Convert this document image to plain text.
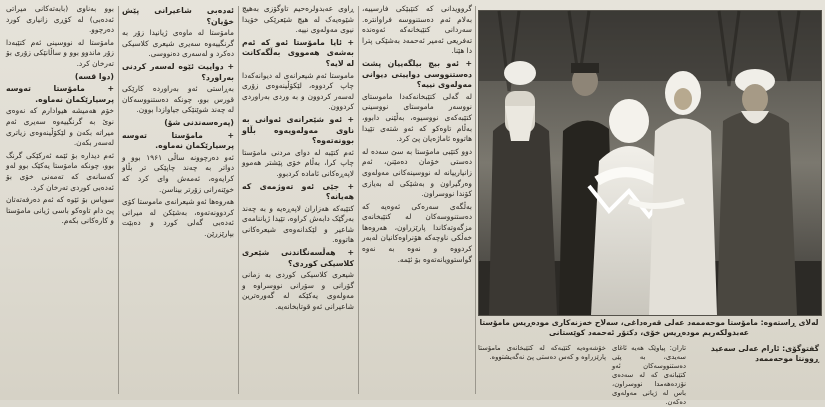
بوو بەناوی (بابەتەکانی میراتی ئەدەبی) لە کۆڕی زانیاری کورد دەرچوو.

مامۆستا لە نووسینی ئەم کتێبەدا زۆر ماندوو بوو و ساڵانێکی زۆری بۆ تەرخان کرد.

(دوا قسە)

+ مامۆستا تەوسە پرسیارێکمان نەماوە.

خۆم هەمیشە هیوادارم کە نەوەی نوێ بە گرنگییەوە سەیری ئەم میراتە بکەن و لێکۆڵینەوەی زیاتری لەسەر بکەن.

ئەم دیدارە بۆ ئێمە ئەرکێکی گرنگ بوو، چونکە مامۆستا یەکێک بوو لەو کەسانەی کە تەمەنی خۆی بۆ ئەدەبی کوردی تەرخان کرد.

سوپاس بۆ ئێوە کە ئەم دەرفەتەتان پێ دام تاوەکو باسی ژیانی مامۆستا و کارەکانی بکەم.

ئەدەبی شاعیرانی پێش خۆیان؟

مامۆستا لە ماوەی ژیانیدا زۆر بە گرنگییەوە سەیری شیعری کلاسیکی دەکرد و لەسەری دەنووسی.

+ دواییت ئێوە لەسەر کردنی بەراورد؟

بەڕاستی ئەو بەراوردە کارێکی قورس بوو، چونکە دەستنووسەکان لە چەند شوێنێکی جیاوازدا بوون.

(پەرەسەندنی شۆ)

+ مامۆستا تەوسە پرسیارێکمان نەماوە.

ئەو دەرچوونە ساڵی ۱۹۶۱ بوو و دواتر بە چەند چاپێکی تر بڵاو کرایەوە، ئەمەش وای کرد کە خوێنەرانی زۆرتر بیناسن.

هەروەها ئەو شیعرانەی ماموستا کۆی کردوونەتەوە، بەشێکن لە میراتی ئەدەبی گەلی کورد و دەبێت بپارێزرێن.

ڕاوی عەبدولرەحیم تاوگۆزی بەهیچ شێوەیەک لە هیچ شێعرێکی خۆیدا نیوی مەولەوی نییە.

+ ئایا مامۆستا ئەو کە ئەم بەشەی هەمووی بەڵگەکانت لە لایە؟

ماموستا ئەم شیعرانەی لە دیوانەکەدا چاپ کردووە، لێکۆڵینەوەی زۆری لەسەر کردوون و بە وردی بەراوردی کردوون.

+ ئەو شێعرانەی ئەوانی بە ناوی مەولەویەوە بڵاو بوونەتەوە؟

ئەم کتێبە لە دوای مردنی مامۆستا چاپ کرا، بەڵام خۆی پێشتر هەموو لاپەڕەکانی ئامادە کردبوو.

+ جێی ئەو تەوژمەی کە هەیانە؟

کتێبەکە هەزاران لاپەڕەیە و بە چەند بەرگێک دابەش کراوە، تێیدا ژیاننامەی شاعیر و لێکدانەوەی شیعرەکانی هاتووە.

+ هەڵسەنگاندنی شێعری کلاسیکی کوردی؟

شیعری کلاسیکی کوردی بە زمانی گۆرانی و سۆرانی نووسراوە و مەولەوی یەکێکە لە گەورەترین شاعیرانی ئەو قوتابخانەیە.

گروویدانی کە کتێبێکی فارسییە، بەلام ئەم دەستنووسە فراوانترە. سەردانی کتێبخانەکە ئەوەندە تەفریعی ئەمیر ئەحمەد بەشێکی پترا دا هێنا.

+ ئەو بیچ بیلگەییان پشت دەستنووسی دواییتی دیوانی مەولەوی نییە؟

لە گەلی کتێبخانەکەدا ماموستای نووسەر ماموستای نووسینی کتێبەکەی نووسیوە، بەڵێنی دابوو، بەڵام تاوەکو کە ئەو شتەی تێیدا هاتووە ئاماژەیان پێ کرد.

دوو کتێبی مامۆستا بە سێ سەدە لە دەستی خۆمان دەمێنن، ئەم زانیارییانە لە نووسینەکانی مەولەوی وەرگیراون و بەشێکی لە بەیازی کۆندا نووسراون.

بەڵگەی سەرەکی ئەوەیە کە دەستنووسەکان لە کتێبخانەی مزگەوتەکاندا پارێزراون، هەروەها خەڵکی ناوچەکە هۆنراوەکانیان لەبەر کردووە و نەوە بە نەوە گواستوویانەتەوە بۆ ئێمە.

لەلای ڕاستەوە: مامۆستا موحەممەد عەلی قەرەداغی، سەلاح خەزنەکاری مودەڕیس مامۆستا عەبدولکەریم مودەڕیس خۆی، دکتۆر ئەحمەد کوێستانی
گفتوگۆی: ئارام عەلی سەعید
ڕوونتا موحەممەد

تاران: پیاوێک هەیە ئاغای سەیدی، بە پێی دەستنووسەکان ئەو کتێبانەی کە لە سەدەی نۆزدەهەمدا نووسراون، باس لە ژیانی مەولەوی دەکەن.

خۆشەوەیە کتێبەکە لە کتێبخانەی مامۆستا پارێزراوە و کەس دەستی پێ نەگەیشتووە.
